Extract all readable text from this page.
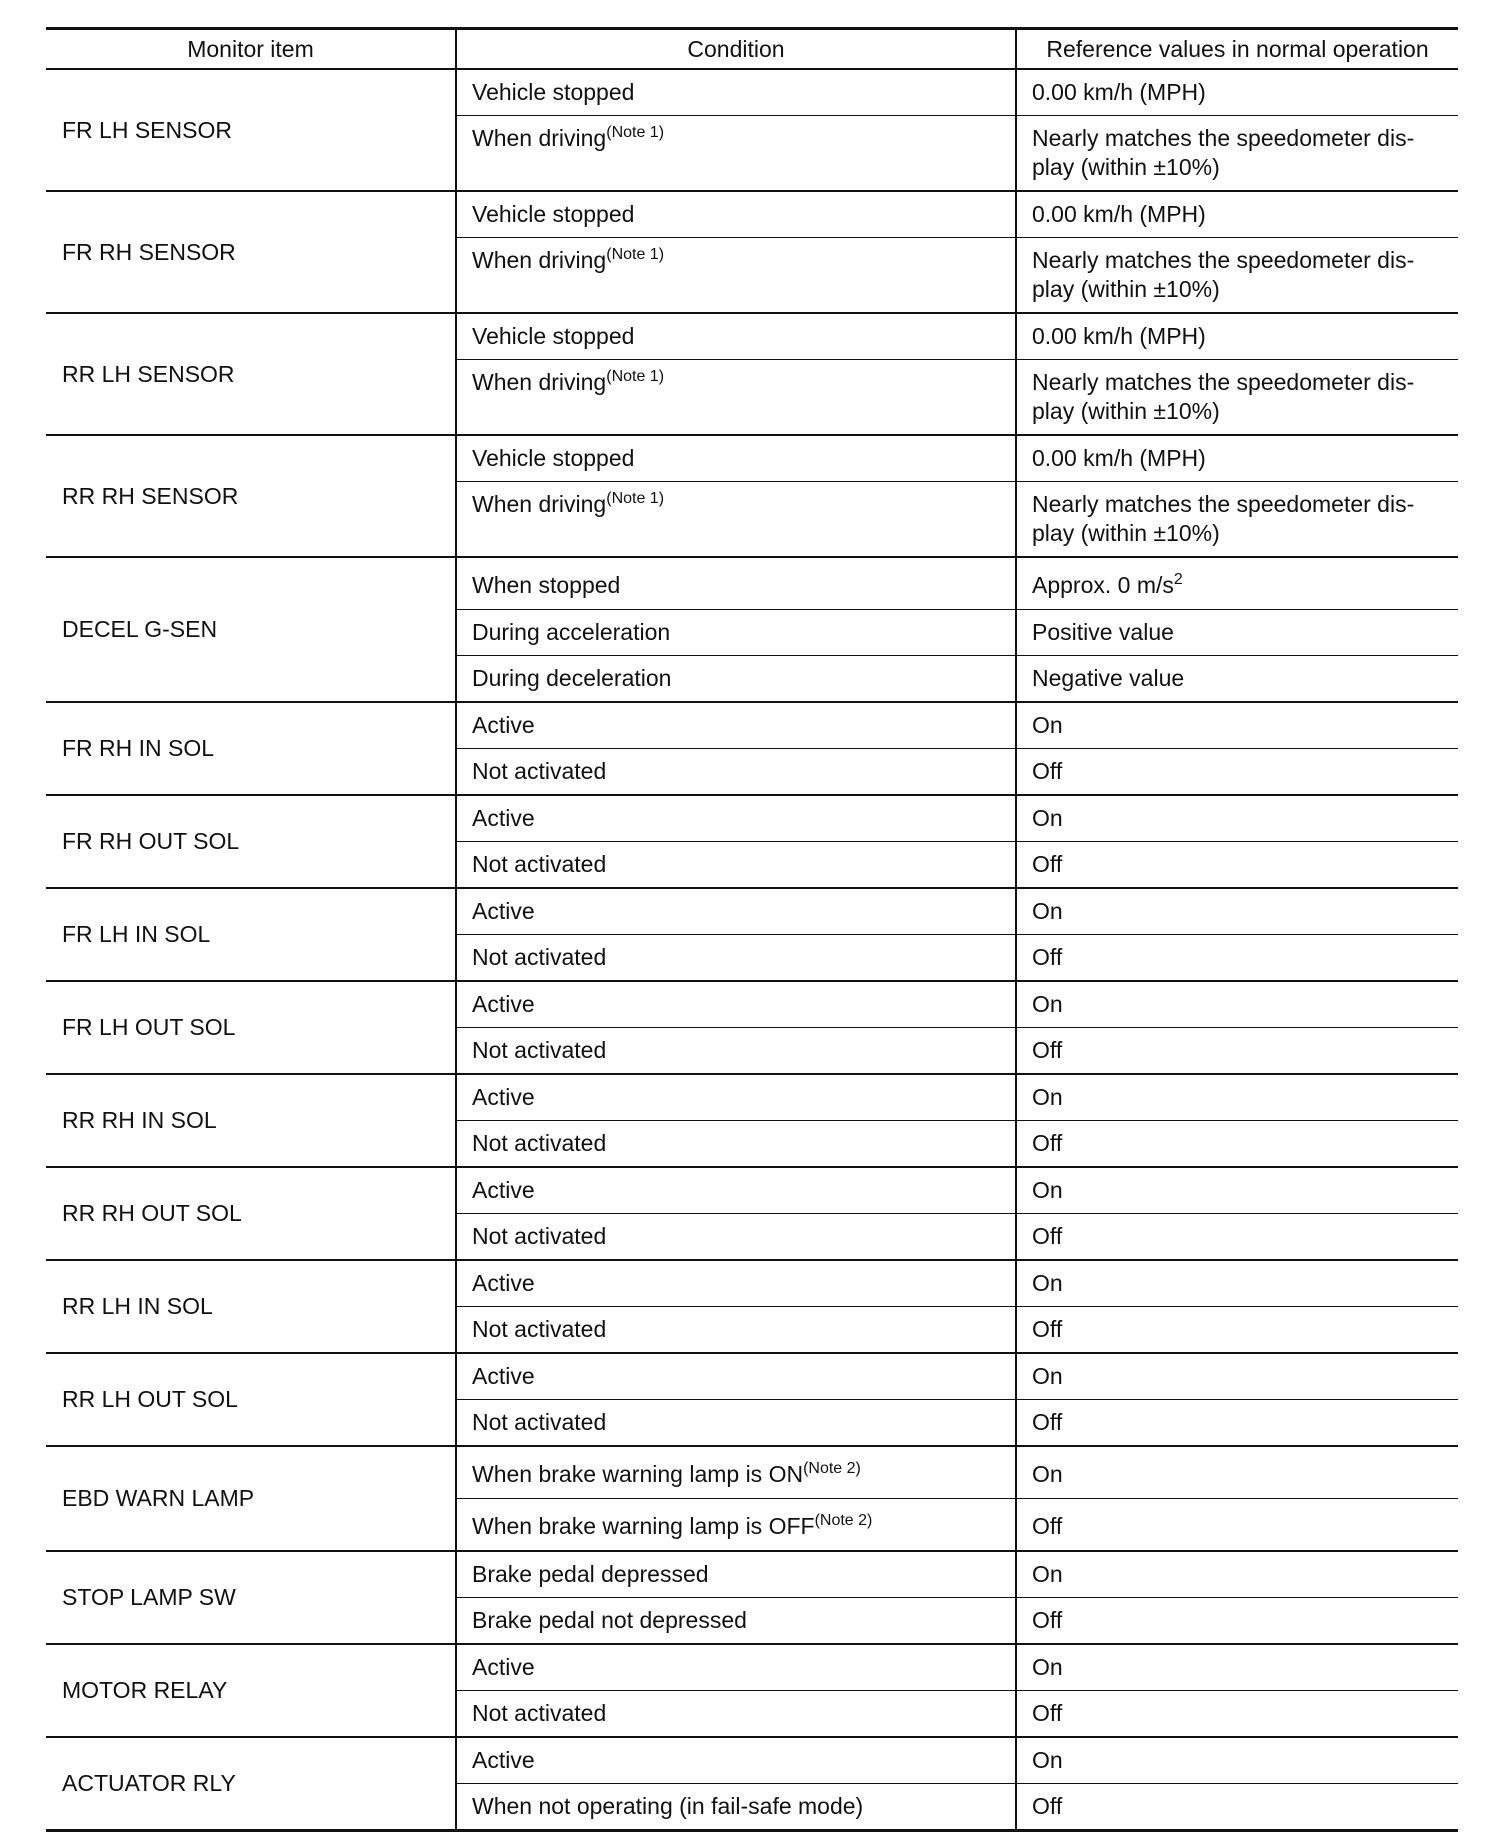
Monitor item	Condition	Reference values in normal operation
FR LH SENSOR	Vehicle stopped	0.00 km/h (MPH)
	When driving$^{(Note 1)}$	Nearly matches the speedometer dis-play (within ±10%)
FR RH SENSOR	Vehicle stopped	0.00 km/h (MPH)
	When driving$^{(Note 1)}$	Nearly matches the speedometer dis-play (within ±10%)
RR LH SENSOR	Vehicle stopped	0.00 km/h (MPH)
	When driving$^{(Note 1)}$	Nearly matches the speedometer dis-play (within ±10%)
RR RH SENSOR	Vehicle stopped	0.00 km/h (MPH)
	When driving$^{(Note 1)}$	Nearly matches the speedometer dis-play (within ±10%)
DECEL G-SEN	When stopped	Approx. 0 $m/s^2$
	During acceleration	Positive value
	During deceleration	Negative value
FR RH IN SOL	Active	On
	Not activated	Off
FR RH OUT SOL	Active	On
	Not activated	Off
FR LH IN SOL	Active	On
	Not activated	Off
FR LH OUT SOL	Active	On
	Not activated	Off
RR RH IN SOL	Active	On
	Not activated	Off
RR RH OUT SOL	Active	On
	Not activated	Off
RR LH IN SOL	Active	On
	Not activated	Off
RR LH OUT SOL	Active	On
	Not activated	Off
EBD WARN LAMP	When brake warning lamp is $ON^{(Note 2)}$	On
	When brake warning lamp is $OFF^{(Note 2)}$	Off
STOP LAMP SW	Brake pedal depressed	On
	Brake pedal not depressed	Off
MOTOR RELAY	Active	On
	Not activated	Off
ACTUATOR RLY	Active	On
	When not operating (in fail-safe mode)	Off
